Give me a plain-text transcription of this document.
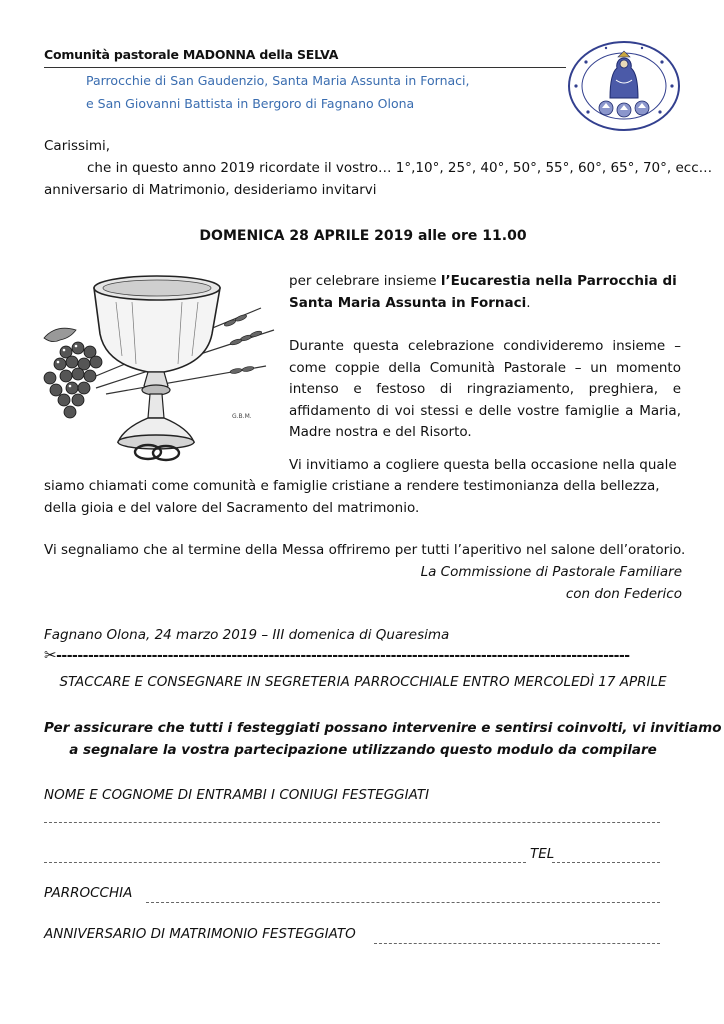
Comunità pastorale MADONNA della SELVA
Parrocchie di San Gaudenzio, Santa Maria Assunta in Fornaci,
e San Giovanni Battista in Bergoro di Fagnano Olona
Carissimi,
che in questo anno 2019 ricordate il vostro… 1°,10°, 25°, 40°, 50°, 55°, 60°, 65°, 70°, ecc…
anniversario di Matrimonio, desideriamo invitarvi
DOMENICA 28 APRILE 2019 alle ore 11.00
G.B.M.
per celebrare insieme l’Eucarestia nella Parrocchia di Santa Maria Assunta in Fornaci.
Durante questa celebrazione condivideremo insieme – come coppie della Comunità Pastorale – un momento intenso e festoso di ringraziamento, preghiera, e affidamento di voi stessi e delle vostre famiglie a Maria, Madre nostra e del Risorto.
Vi invitiamo a cogliere questa bella occasione nella quale
siamo chiamati come comunità e famiglie cristiane a rendere testimonianza della bellezza, della gioia e del valore del Sacramento del matrimonio.
Vi segnaliamo che al termine della Messa offriremo per tutti l’aperitivo nel salone dell’oratorio.
La Commissione di Pastorale Familiare
con don Federico
Fagnano Olona, 24 marzo 2019 – III domenica di Quaresima
✂------------------------------------------------------------------------------------------------------------
STACCARE E CONSEGNARE IN SEGRETERIA PARROCCHIALE ENTRO MERCOLEDÌ 17 APRILE
Per assicurare che tutti i festeggiati possano intervenire e sentirsi coinvolti, vi invitiamo
a segnalare la vostra partecipazione utilizzando questo modulo da compilare
NOME E COGNOME DI ENTRAMBI I CONIUGI FESTEGGIATI
TEL
PARROCCHIA
ANNIVERSARIO DI MATRIMONIO FESTEGGIATO
